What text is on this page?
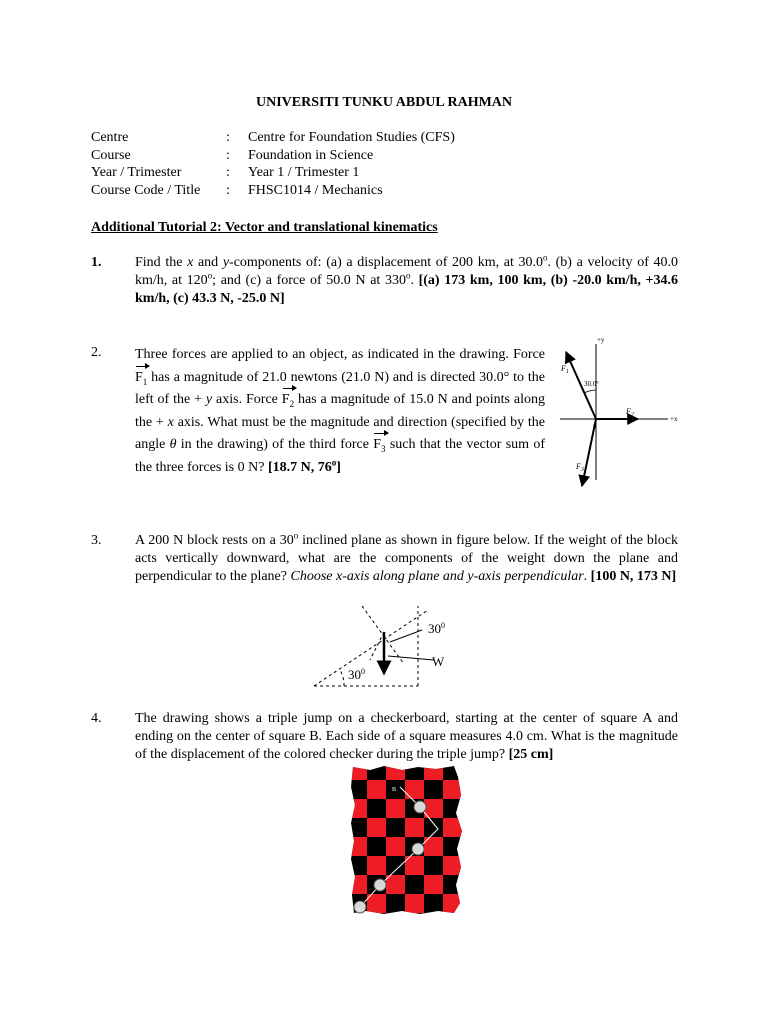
UNIVERSITI TUNKU ABDUL RAHMAN
Centre	:	Centre for Foundation Studies (CFS)
Course	:	Foundation in Science
Year / Trimester	:	Year 1 / Trimester 1
Course Code / Title	:	FHSC1014 / Mechanics
Additional Tutorial 2: Vector and translational kinematics
1. Find the x and y-components of: (a) a displacement of 200 km, at 30.0$^o$. (b) a velocity of 40.0 km/h, at 120$^o$; and (c) a force of 50.0 N at 330$^o$. [(a) 173 km, 100 km, (b) -20.0 km/h, +34.6 km/h, (c) 43.3 N, -25.0 N]

2. Three forces are applied to an object, as indicated in the drawing. Force $F_1$ has a magnitude of 21.0 newtons (21.0 N) and is directed 30.0° to the left of the + y axis. Force $F_2$ has a magnitude of 15.0 N and points along the + x axis. What must be the magnitude and direction (specified by the angle θ in the drawing) of the third force $F_3$ such that the vector sum of the three forces is 0 N? [18.7 N, 76$^o$]

+y
+x
30.0°
θ
$F_1$
$F_2$
$F_3$
3. A 200 N block rests on a 30$^o$ inclined plane as shown in figure below. If the weight of the block acts vertically downward, what are the components of the weight down the plane and perpendicular to the plane? Choose x-axis along plane and y-axis perpendicular. [100 N, 173 N]

$30^0$
W
$30^0$
4. The drawing shows a triple jump on a checkerboard, starting at the center of square A and ending on the center of square B. Each side of a square measures 4.0 cm. What is the magnitude of the displacement of the colored checker during the triple jump? [25 cm]

A
B
